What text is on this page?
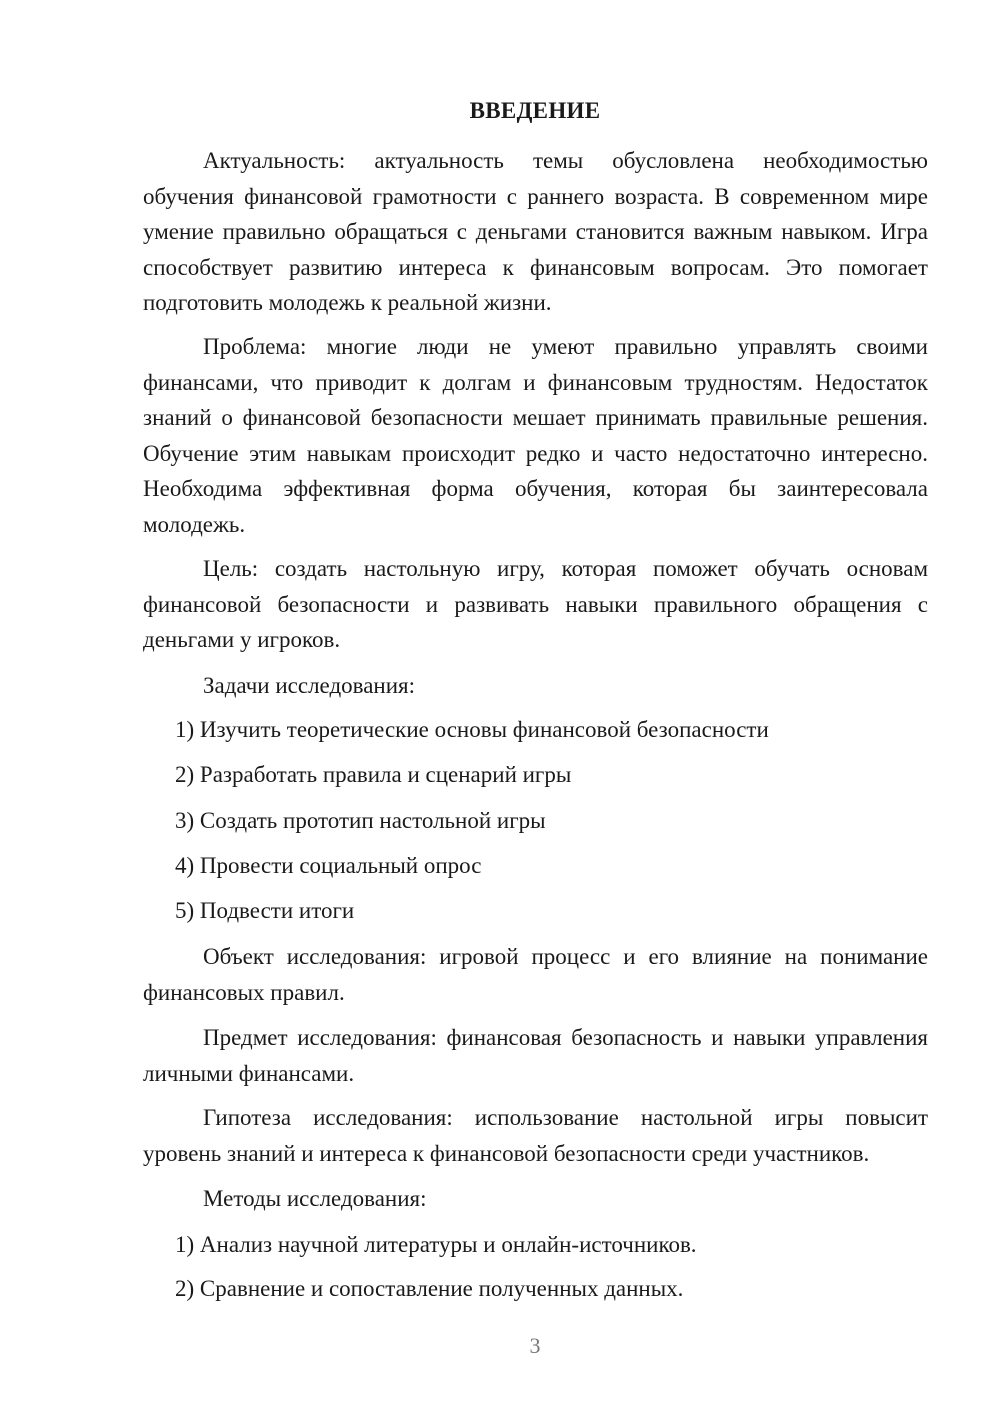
ВВЕДЕНИЕ

Актуальность: актуальность темы обусловлена необходимостью обучения финансовой грамотности с раннего возраста. В современном мире умение правильно обращаться с деньгами становится важным навыком. Игра способствует развитию интереса к финансовым вопросам. Это помогает подготовить молодежь к реальной жизни.

Проблема: многие люди не умеют правильно управлять своими финансами, что приводит к долгам и финансовым трудностям. Недостаток знаний о финансовой безопасности мешает принимать правильные решения. Обучение этим навыкам происходит редко и часто недостаточно интересно. Необходима эффективная форма обучения, которая бы заинтересовала молодежь.

Цель: создать настольную игру, которая поможет обучать основам финансовой безопасности и развивать навыки правильного обращения с деньгами у игроков.

Задачи исследования:

1) Изучить теоретические основы финансовой безопасности

2) Разработать правила и сценарий игры

3) Создать прототип настольной игры

4) Провести социальный опрос

5) Подвести итоги

Объект исследования: игровой процесс и его влияние на понимание финансовых правил.

Предмет исследования: финансовая безопасность и навыки управления личными финансами.

Гипотеза исследования: использование настольной игры повысит уровень знаний и интереса к финансовой безопасности среди участников.

Методы исследования:

1) Анализ научной литературы и онлайн-источников.

2) Сравнение и сопоставление полученных данных.

3
